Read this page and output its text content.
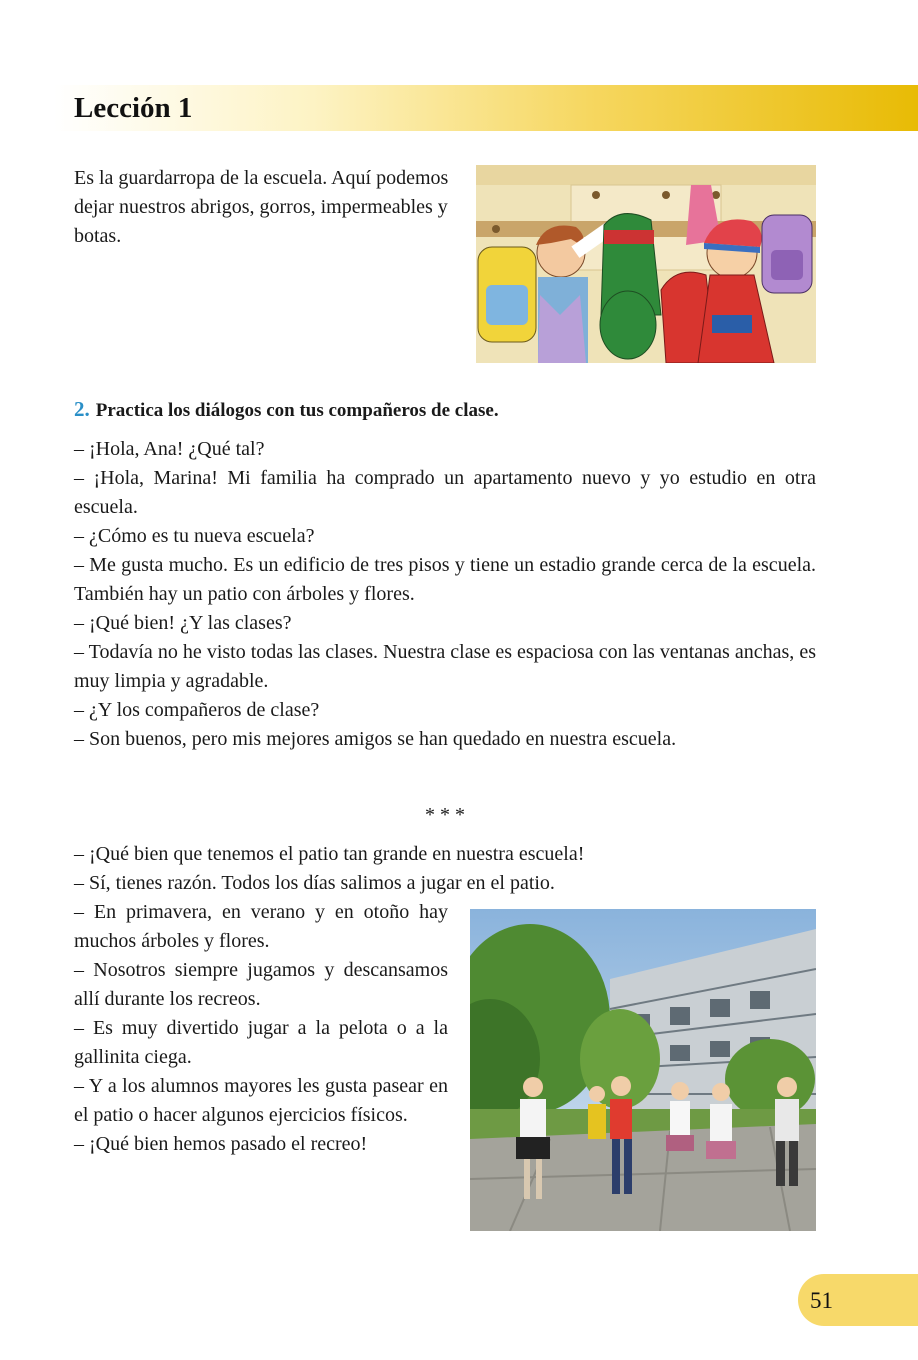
Lección 1

Es la guardarropa de la escuela. Aquí podemos dejar nuestros abrigos, gorros, impermeables y botas.

2. Practica los diálogos con tus compañeros de clase.

– ¡Hola, Ana! ¿Qué tal?

– ¡Hola, Marina! Mi familia ha comprado un apartamento nuevo y yo estudio en otra escuela.

– ¿Cómo es tu nueva escuela?

– Me gusta mucho. Es un edificio de tres pisos y tiene un estadio grande cerca de la escuela. También hay un patio con árboles y flores.

– ¡Qué bien! ¿Y las clases?

– Todavía no he visto todas las clases. Nuestra clase es espaciosa con las ventanas anchas, es muy limpia y agradable.

– ¿Y los compañeros de clase?

– Son buenos, pero mis mejores amigos se han quedado en nuestra escuela.

* * *

– ¡Qué bien que tenemos el patio tan grande en nuestra escuela!

– Sí, tienes razón. Todos los días salimos a jugar en el patio.

– En primavera, en verano y en otoño hay muchos árboles y flores.

– Nosotros siempre jugamos y descansamos allí durante los recreos.

– Es muy divertido jugar a la pelota o a la gallinita ciega.

– Y a los alumnos mayores les gusta pasear en el patio o hacer algunos ejercicios físicos.

– ¡Qué bien hemos pasado el recreo!

51
